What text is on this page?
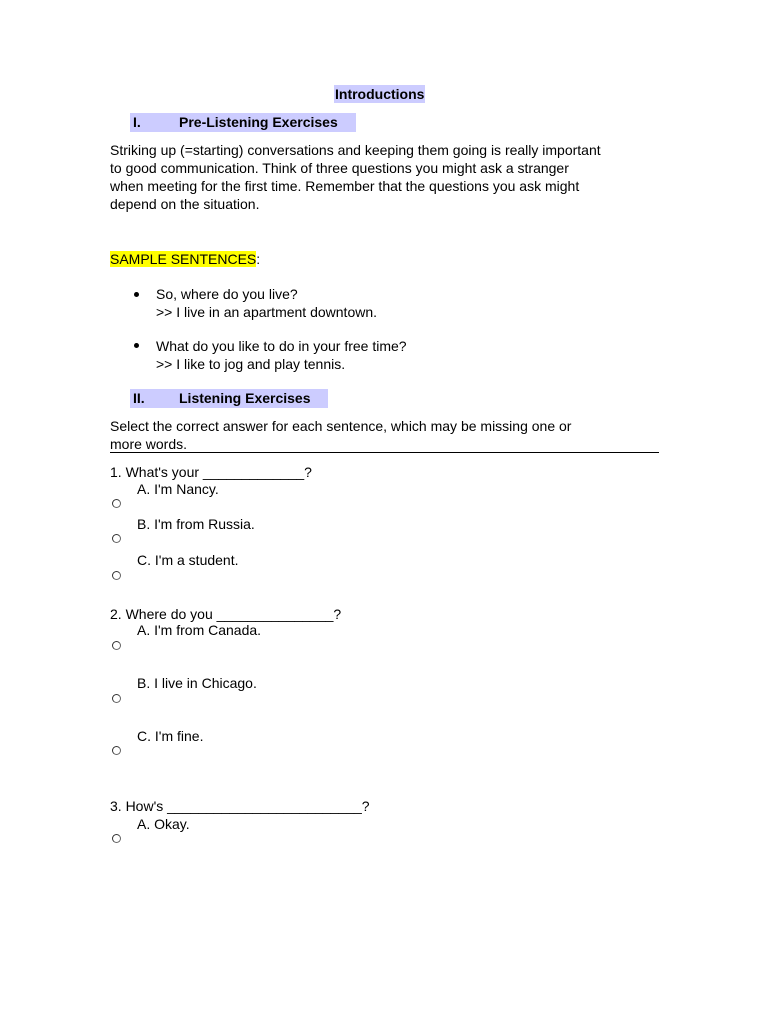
Introductions
I.	Pre-Listening Exercises
Striking up (=starting) conversations and keeping them going is really important
to good communication. Think of three questions you might ask a stranger
when meeting for the first time. Remember that the questions you ask might
depend on the situation.
SAMPLE SENTENCES:
So, where do you live?
>> I live in an apartment downtown.
What do you like to do in your free time?
>> I like to jog and play tennis.
II. Listening Exercises
Select the correct answer for each sentence, which may be missing one or
more words.
1. What's your _____________?
A. I'm Nancy.
B. I'm from Russia.
C. I'm a student.
2. Where do you _______________?
A. I'm from Canada.
B. I live in Chicago.
C. I'm fine.
3. How's _________________________?
A. Okay.
